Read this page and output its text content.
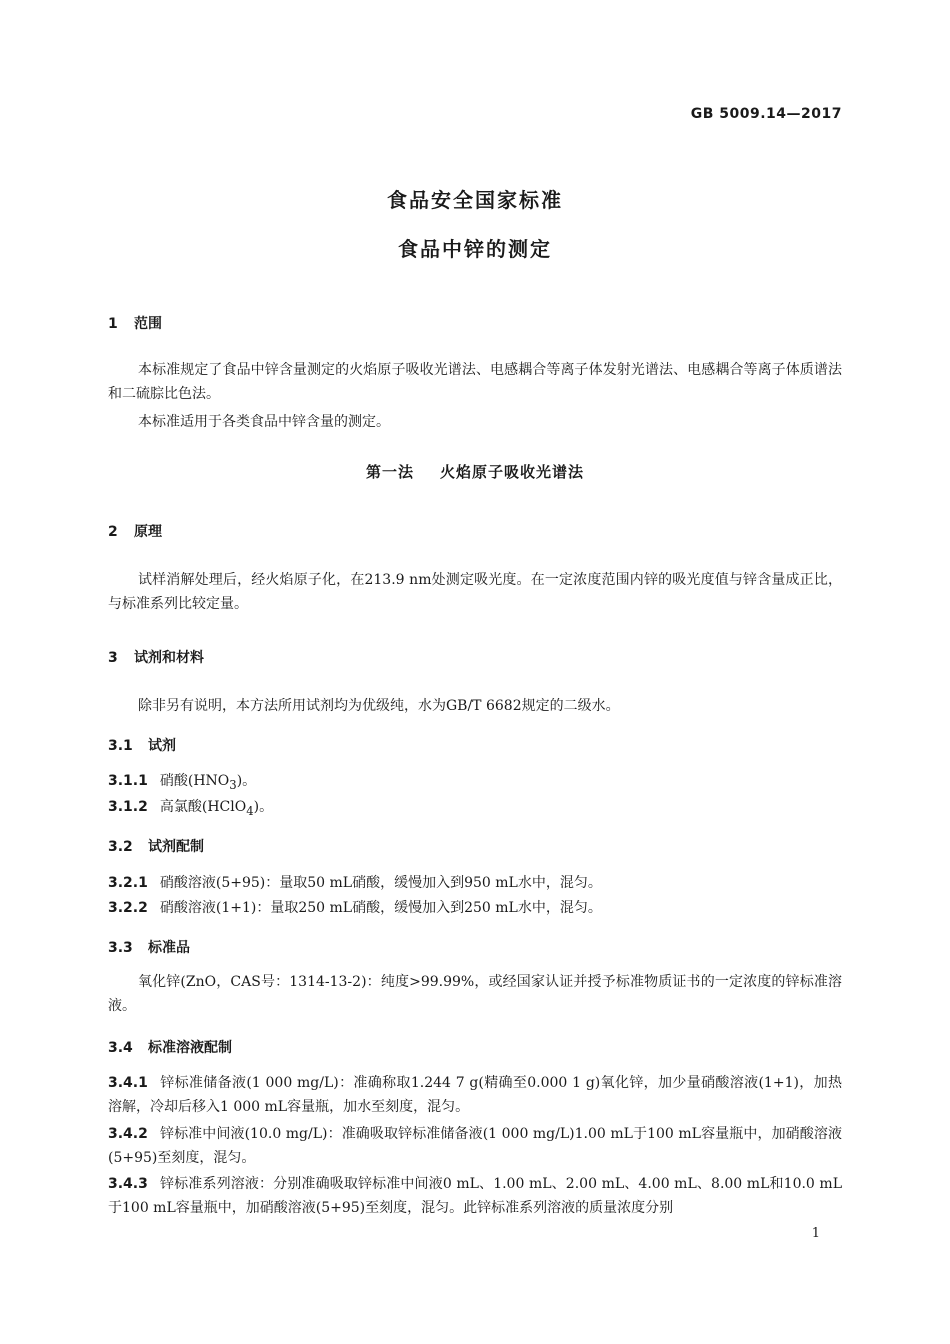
GB 5009.14—2017
食品安全国家标准
食品中锌的测定
1 范围
本标准规定了食品中锌含量测定的火焰原子吸收光谱法、电感耦合等离子体发射光谱法、电感耦合等离子体质谱法和二硫腙比色法。
本标准适用于各类食品中锌含量的测定。
第一法 火焰原子吸收光谱法
2 原理
试样消解处理后，经火焰原子化，在213.9 nm处测定吸光度。在一定浓度范围内锌的吸光度值与锌含量成正比，与标准系列比较定量。
3 试剂和材料
除非另有说明，本方法所用试剂均为优级纯，水为GB/T 6682规定的二级水。
3.1 试剂
3.1.1 硝酸$(HNO_3)$。
3.1.2 高氯酸(HClO$_4$)。
3.2 试剂配制
3.2.1 硝酸溶液(5+95)：量取50 mL硝酸，缓慢加入到950 mL水中，混匀。
3.2.2 硝酸溶液(1+1)：量取250 mL硝酸，缓慢加入到250 mL水中，混匀。
3.3 标准品
氧化锌(ZnO，CAS号：1314-13-2)：纯度>99.99%，或经国家认证并授予标准物质证书的一定浓度的锌标准溶液。
3.4 标准溶液配制
3.4.1 锌标准储备液(1 000 mg/L)：准确称取1.244 7 g(精确至0.000 1 g)氧化锌，加少量硝酸溶液(1+1)，加热溶解，冷却后移入1 000 mL容量瓶，加水至刻度，混匀。
3.4.2 锌标准中间液(10.0 mg/L)：准确吸取锌标准储备液(1 000 mg/L)1.00 mL于100 mL容量瓶中，加硝酸溶液(5+95)至刻度，混匀。
3.4.3 锌标准系列溶液：分别准确吸取锌标准中间液0 mL、1.00 mL、2.00 mL、4.00 mL、8.00 mL和10.0 mL于100 mL容量瓶中，加硝酸溶液(5+95)至刻度，混匀。此锌标准系列溶液的质量浓度分别
1
